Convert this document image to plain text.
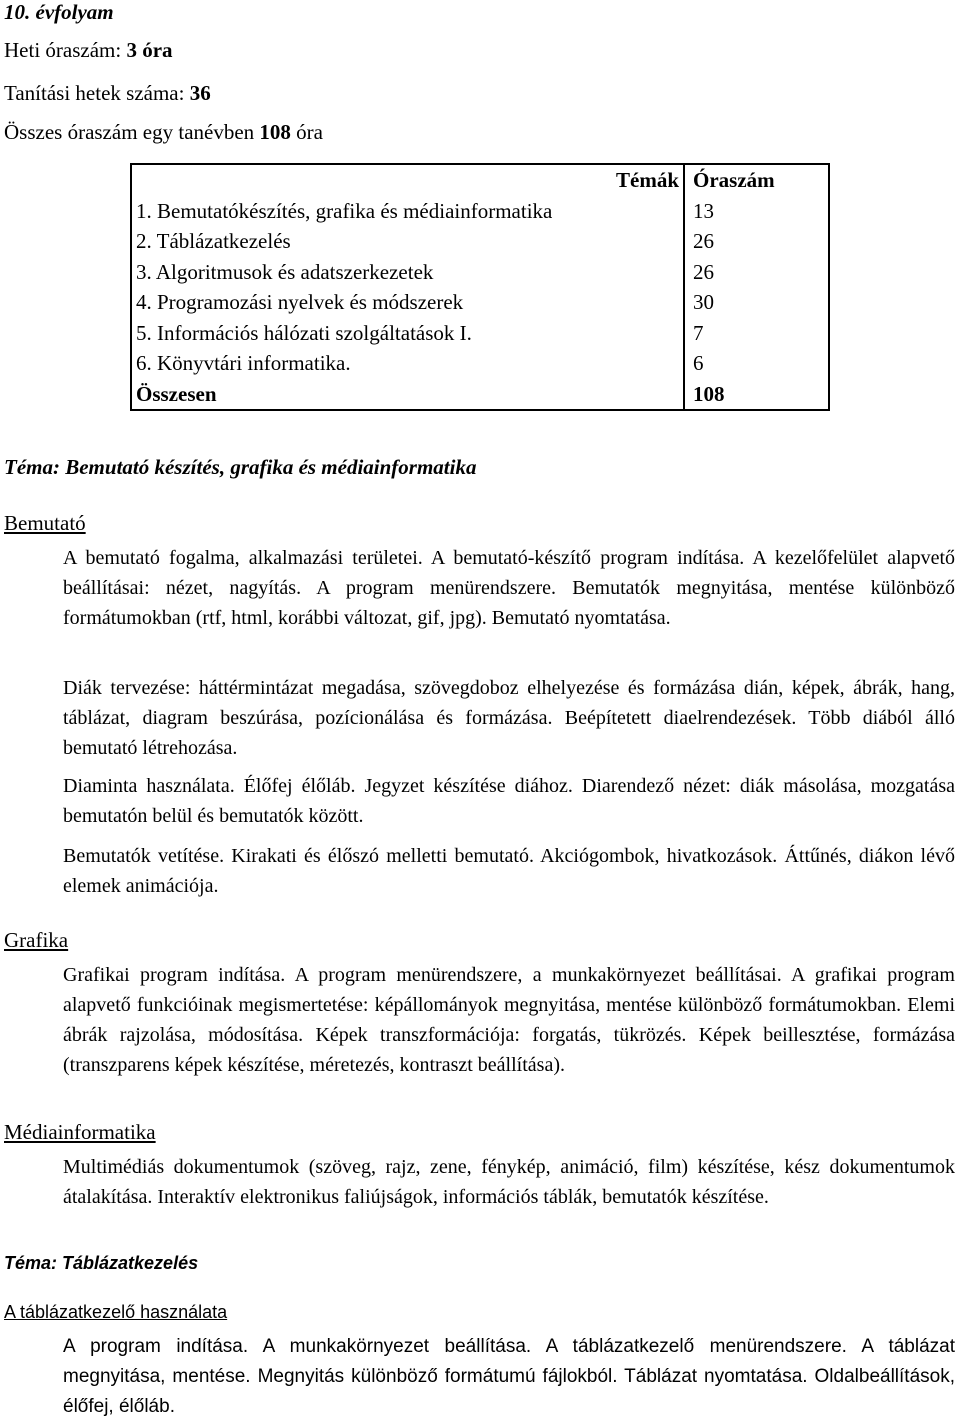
10. évfolyam
Heti óraszám: 3 óra
Tanítási hetek száma: 36
Összes óraszám egy tanévben 108 óra
Témák	Óraszám
1. Bemutatókészítés, grafika és médiainformatika	13
2. Táblázatkezelés	26
3. Algoritmusok és adatszerkezetek	26
4. Programozási nyelvek és módszerek	30
5. Információs hálózati szolgáltatások I.	7
6. Könyvtári informatika.	6
Összesen	108
Téma: Bemutató készítés, grafika és médiainformatika
Bemutató
A bemutató fogalma, alkalmazási területei. A bemutató-készítő program indítása. A kezelőfelület alapvető beállításai: nézet, nagyítás. A program menürendszere. Bemutatók megnyitása, mentése különböző formátumokban (rtf, html, korábbi változat, gif, jpg). Bemutató nyomtatása.
Diák tervezése: háttérmintázat megadása, szövegdoboz elhelyezése és formázása dián, képek, ábrák, hang, táblázat, diagram beszúrása, pozícionálása és formázása. Beépítetett diaelrendezések. Több diából álló bemutató létrehozása.
Diaminta használata. Élőfej élőláb. Jegyzet készítése diához. Diarendező nézet: diák másolása, mozgatása bemutatón belül és bemutatók között.
Bemutatók vetítése. Kirakati és élőszó melletti bemutató. Akciógombok, hivatkozások. Áttűnés, diákon lévő elemek animációja.
Grafika
Grafikai program indítása. A program menürendszere, a munkakörnyezet beállításai. A grafikai program alapvető funkcióinak megismertetése: képállományok megnyitása, mentése különböző formátumokban. Elemi ábrák rajzolása, módosítása. Képek transzformációja: forgatás, tükrözés. Képek beillesztése, formázása (transzparens képek készítése, méretezés, kontraszt beállítása).
Médiainformatika
Multimédiás dokumentumok (szöveg, rajz, zene, fénykép, animáció, film) készítése, kész dokumentumok átalakítása. Interaktív elektronikus faliújságok, információs táblák, bemutatók készítése.
Téma: Táblázatkezelés
A táblázatkezelő használata
A program indítása. A munkakörnyezet beállítása. A táblázatkezelő menürendszere. A táblázat megnyitása, mentése. Megnyitás különböző formátumú fájlokból. Táblázat nyomtatása. Oldalbeállítások, élőfej, élőláb.
